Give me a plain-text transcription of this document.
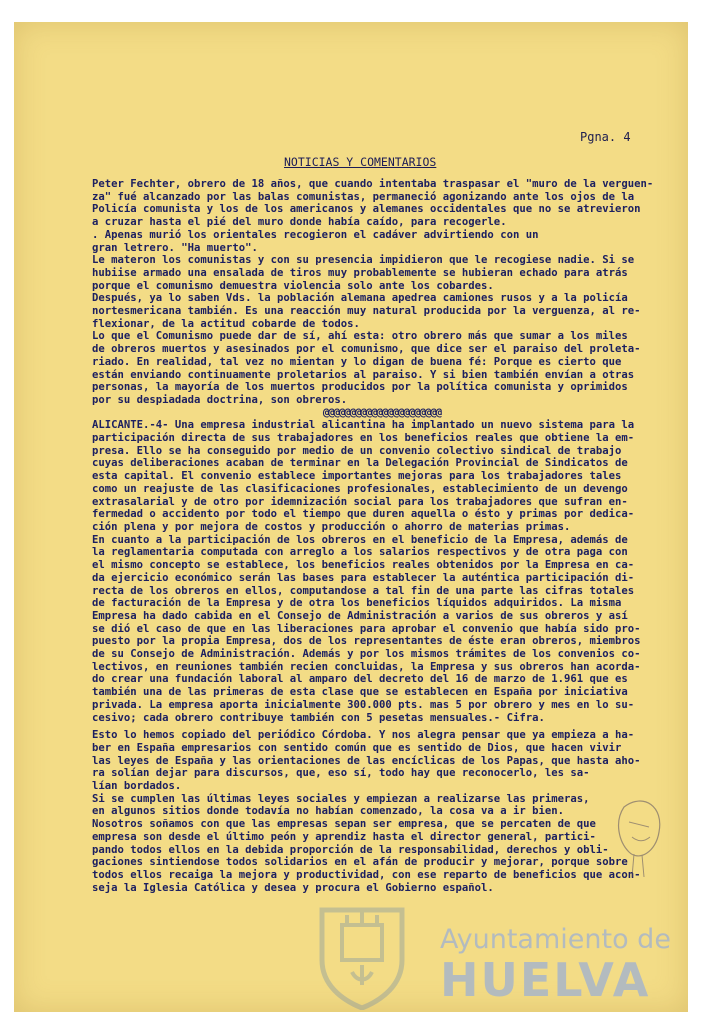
Pgna. 4

NOTICIAS Y COMENTARIOS

Peter Fechter, obrero de 18 años, que cuando intentaba traspasar el "muro de la verguen-

za" fué alcanzado por las balas comunistas, permaneció agonizando ante los ojos de la

Policía comunista y los de los americanos y alemanes occidentales que no se atrevieron

a cruzar hasta el pié del muro donde había caído, para recogerle.

. Apenas murió los orientales recogieron el cadáver advirtiendo con un

gran letrero. "Ha muerto".

Le materon los comunistas y con su presencia impidieron que le recogiese nadie. Si se

hubiise armado una ensalada de tiros muy probablemente se hubieran echado para atrás

porque el comunismo demuestra violencia solo ante los cobardes.

Después, ya lo saben Vds. la población alemana apedrea camiones rusos y a la policía

nortesmericana también. Es una reacción muy natural producida por la verguenza, al re-

flexionar, de la actitud cobarde de todos.

Lo que el Comunismo puede dar de sí, ahí esta: otro obrero más que sumar a los miles

de obreros muertos y asesinados por el comunismo, que dice ser el paraiso del proleta-

riado. En realidad, tal vez no mientan y lo digan de buena fé: Porque es cierto que

están enviando continuamente proletarios al paraiso. Y si bien también envían a otras

personas, la mayoría de los muertos producidos por la política comunista y oprimidos

por su despiadada doctrina, son obreros.

@@@@@@@@@@@@@@@@@@@@@@

ALICANTE.-4- Una empresa industrial alicantina ha implantado un nuevo sistema para la

participación directa de sus trabajadores en los beneficios reales que obtiene la em-

presa. Ello se ha conseguido por medio de un convenio colectivo sindical de trabajo

cuyas deliberaciones acaban de terminar en la Delegación Provincial de Sindicatos de

esta capital. El convenio establece importantes mejoras para los trabajadores tales

como un reajuste de las clasificaciones profesionales, establecimiento de un devengo

extrasalarial y de otro por idemnización social para los trabajadores que sufran en-

fermedad o accidento por todo el tiempo que duren aquella o ésto y primas por dedica-

ción plena y por mejora de costos y producción o ahorro de materias primas.

En cuanto a la participación de los obreros en el beneficio de la Empresa, además de

la reglamentaria computada con arreglo a los salarios respectivos y de otra paga con

el mismo concepto se establece, los beneficios reales obtenidos por la Empresa en ca-

da ejercicio económico serán las bases para establecer la auténtica participación di-

recta de los obreros en ellos, computandose a tal fin de una parte las cifras totales

de facturación de la Empresa y de otra los beneficios líquidos adquiridos. La misma

Empresa ha dado cabida en el Consejo de Administración a varios de sus obreros y así

se dió el caso de que en las liberaciones para aprobar el convenio que había sido pro-

puesto por la propia Empresa, dos de los representantes de éste eran obreros, miembros

de su Consejo de Administración. Además y por los mismos trámites de los convenios co-

lectivos, en reuniones también recien concluidas, la Empresa y sus obreros han acorda-

do crear una fundación laboral al amparo del decreto del 16 de marzo de 1.961 que es

también una de las primeras de esta clase que se establecen en España por iniciativa

privada. La empresa aporta inicialmente 300.000 pts. mas 5 por obrero y mes en lo su-

cesivo; cada obrero contribuye también con 5 pesetas mensuales.- Cifra.

Esto lo hemos copiado del periódico Córdoba. Y nos alegra pensar que ya empieza a ha-

ber en España empresarios con sentido común que es sentido de Dios, que hacen vivir

las leyes de España y las orientaciones de las encíclicas de los Papas, que hasta aho-

ra solían dejar para discursos, que, eso sí, todo hay que reconocerlo, les sa-

lían bordados.

Si se cumplen las últimas leyes sociales y empiezan a realizarse las primeras,

en algunos sitios donde todavía no habían comenzado, la cosa va a ir bien.

Nosotros soñamos con que las empresas sepan ser empresa, que se percaten de que

empresa son desde el último peón y aprendiz hasta el director general, partici-

pando todos ellos en la debida proporción de la responsabilidad, derechos y obli-

gaciones sintiendose todos solidarios en el afán de producir y mejorar, porque sobre

todos ellos recaiga la mejora y productividad, con ese reparto de beneficios que acon-

seja la Iglesia Católica y desea y procura el Gobierno español.

Ayuntamiento de
HUELVA
